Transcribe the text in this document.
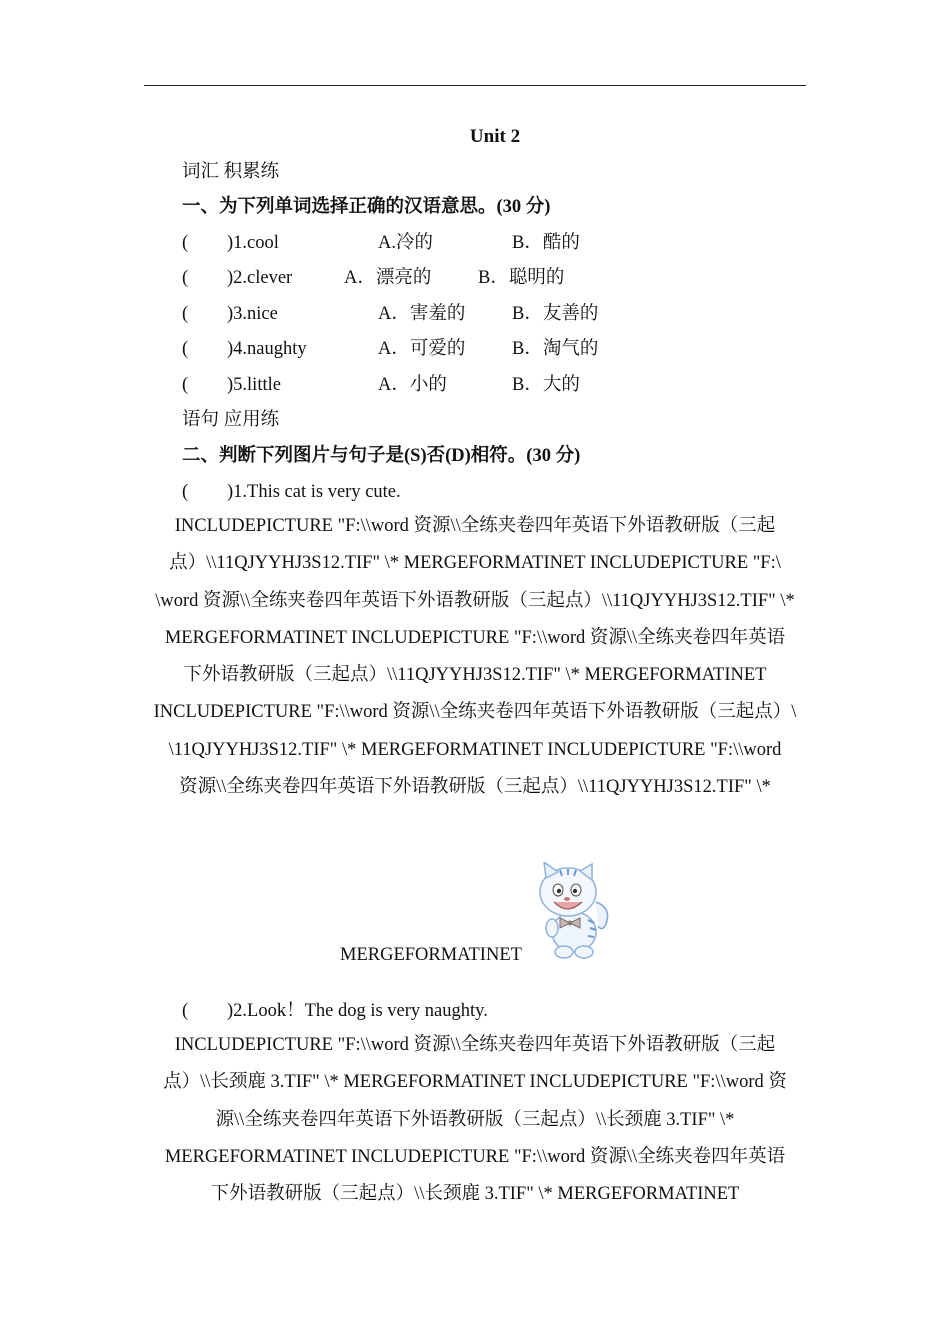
Unit 2
词汇 积累练
一、为下列单词选择正确的汉语意思。(30 分)
( )1.cool	A.冷的	B．酷的
( )2.clever	A．漂亮的	B．聪明的
( )3.nice	A．害羞的	B．友善的
( )4.naughty	A．可爱的	B．淘气的
( )5.little	A．小的	B．大的
语句 应用练
二、判断下列图片与句子是(S)否(D)相符。(30 分)
( )1.This cat is very cute.
INCLUDEPICTURE "F:\\word 资源\\全练夹卷四年英语下外语教研版（三起
点）\\11QJYYHJ3S12.TIF" \* MERGEFORMATINET INCLUDEPICTURE "F:\
\word 资源\\全练夹卷四年英语下外语教研版（三起点）\\11QJYYHJ3S12.TIF" \*
MERGEFORMATINET INCLUDEPICTURE "F:\\word 资源\\全练夹卷四年英语
下外语教研版（三起点）\\11QJYYHJ3S12.TIF" \* MERGEFORMATINET
INCLUDEPICTURE "F:\\word 资源\\全练夹卷四年英语下外语教研版（三起点）\
\11QJYYHJ3S12.TIF" \* MERGEFORMATINET INCLUDEPICTURE "F:\\word
资源\\全练夹卷四年英语下外语教研版（三起点）\\11QJYYHJ3S12.TIF" \*
MERGEFORMATINET
( )2.Look！The dog is very naughty.
INCLUDEPICTURE "F:\\word 资源\\全练夹卷四年英语下外语教研版（三起
点）\\长颈鹿 3.TIF" \* MERGEFORMATINET INCLUDEPICTURE "F:\\word 资
源\\全练夹卷四年英语下外语教研版（三起点）\\长颈鹿 3.TIF" \*
MERGEFORMATINET INCLUDEPICTURE "F:\\word 资源\\全练夹卷四年英语
下外语教研版（三起点）\\长颈鹿 3.TIF" \* MERGEFORMATINET
